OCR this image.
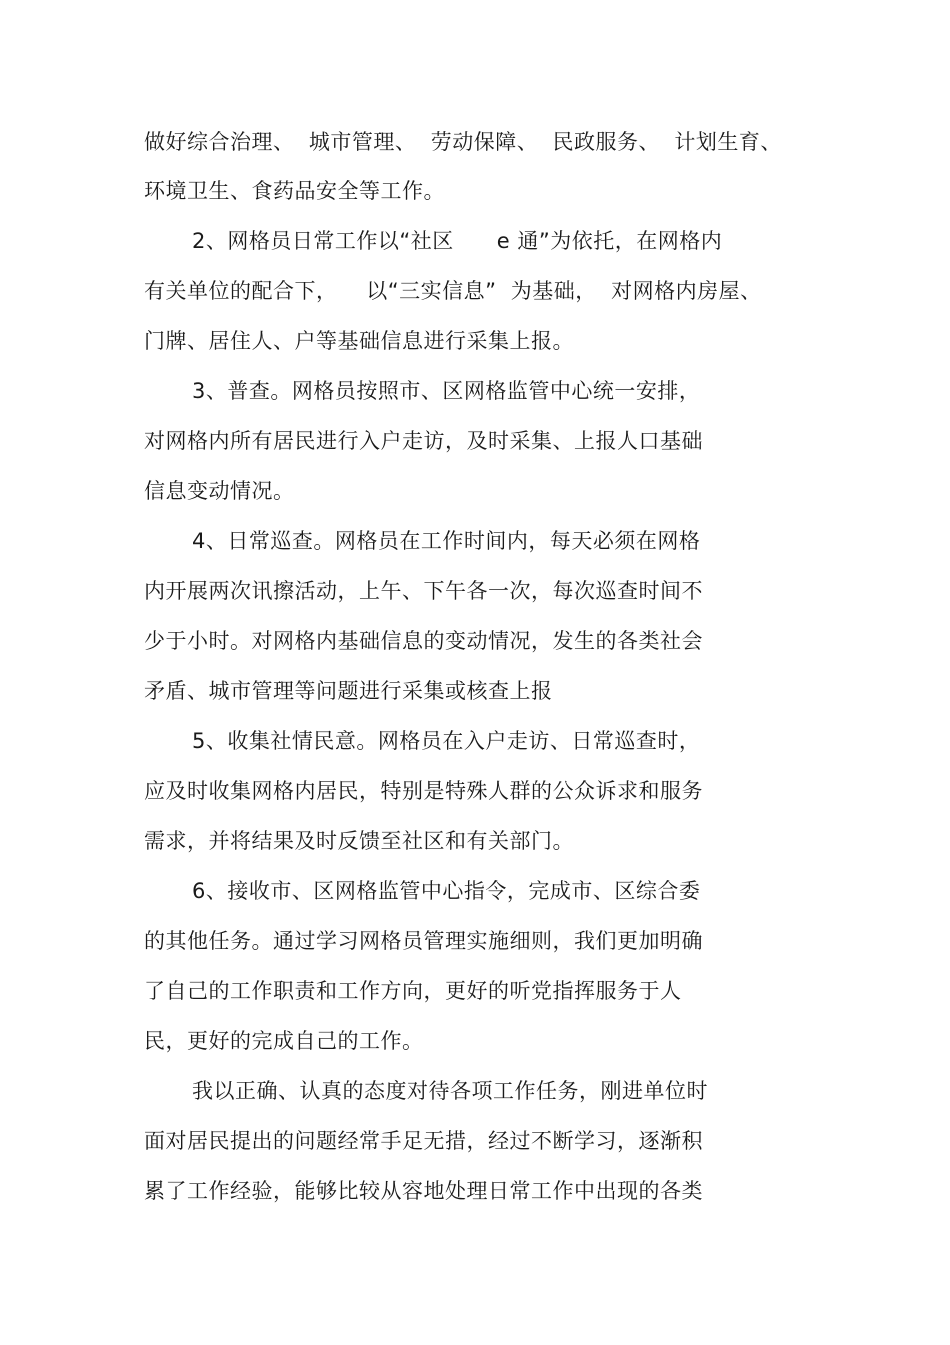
做好综合治理、  城市管理、  劳动保障、  民政服务、  计划生育、
环境卫生、食药品安全等工作。
2、网格员日常工作以“社区      e 通”为依托，在网格内
有关单位的配合下，    以“三实信息”  为基础，  对网格内房屋、
门牌、居住人、户等基础信息进行采集上报。
3、普查。网格员按照市、区网格监管中心统一安排，
对网格内所有居民进行入户走访，及时采集、上报人口基础
信息变动情况。
4、日常巡查。网格员在工作时间内，每天必须在网格
内开展两次讯擦活动，上午、下午各一次，每次巡查时间不
少于小时。对网格内基础信息的变动情况，发生的各类社会
矛盾、城市管理等问题进行采集或核查上报
5、收集社情民意。网格员在入户走访、日常巡查时，
应及时收集网格内居民，特别是特殊人群的公众诉求和服务
需求，并将结果及时反馈至社区和有关部门。
6、接收市、区网格监管中心指令，完成市、区综合委
的其他任务。通过学习网格员管理实施细则，我们更加明确
了自己的工作职责和工作方向，更好的听党指挥服务于人
民，更好的完成自己的工作。
我以正确、认真的态度对待各项工作任务，刚进单位时
面对居民提出的问题经常手足无措，经过不断学习，逐渐积
累了工作经验，能够比较从容地处理日常工作中出现的各类
